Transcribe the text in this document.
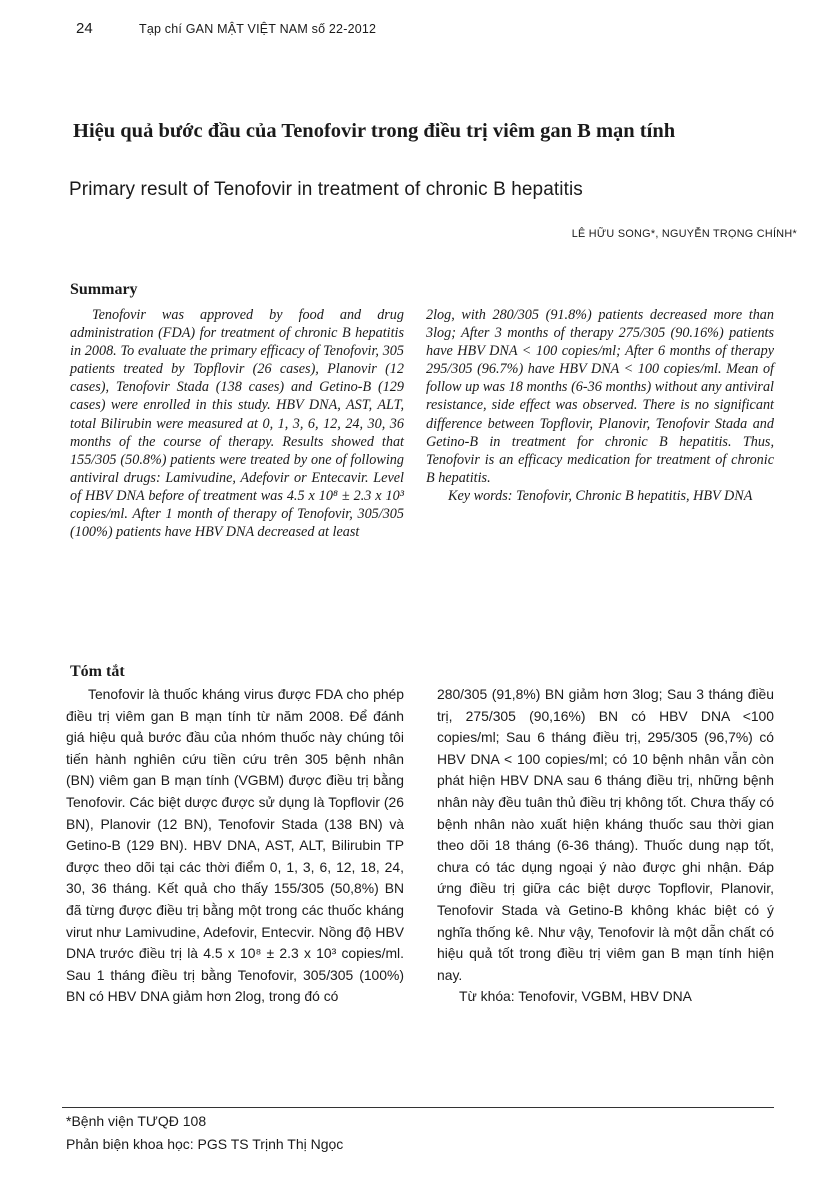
24	Tạp chí GAN MẬT VIỆT NAM số 22-2012
Hiệu quả bước đầu của Tenofovir trong điều trị viêm gan B mạn tính
Primary result of Tenofovir in treatment of chronic B hepatitis
LÊ HỮU SONG*, NGUYỄN TRỌNG CHÍNH*
Summary

Tenofovir was approved by food and drug administration (FDA) for treatment of chronic B hepatitis in 2008. To evaluate the primary efficacy of Tenofovir, 305 patients treated by Topflovir (26 cases), Planovir (12 cases), Tenofovir Stada (138 cases) and Getino-B (129 cases) were enrolled in this study. HBV DNA, AST, ALT, total Bilirubin were measured at 0, 1, 3, 6, 12, 24, 30, 36 months of the course of therapy. Results showed that 155/305 (50.8%) patients were treated by one of following antiviral drugs: Lamivudine, Adefovir or Entecavir. Level of HBV DNA before of treatment was 4.5 x 10⁸ ± 2.3 x 10³ copies/ml. After 1 month of therapy of Tenofovir, 305/305 (100%) patients have HBV DNA decreased at least

2log, with 280/305 (91.8%) patients decreased more than 3log; After 3 months of therapy 275/305 (90.16%) patients have HBV DNA < 100 copies/ml; After 6 months of therapy 295/305 (96.7%) have HBV DNA < 100 copies/ml. Mean of follow up was 18 months (6-36 months) without any antiviral resistance, side effect was observed. There is no significant difference between Topflovir, Planovir, Tenofovir Stada and Getino-B in treatment for chronic B hepatitis. Thus, Tenofovir is an efficacy medication for treatment of chronic B hepatitis.

Key words: Tenofovir, Chronic B hepatitis, HBV DNA

Tóm tắt

Tenofovir là thuốc kháng virus được FDA cho phép điều trị viêm gan B mạn tính từ năm 2008. Để đánh giá hiệu quả bước đầu của nhóm thuốc này chúng tôi tiến hành nghiên cứu tiền cứu trên 305 bệnh nhân (BN) viêm gan B mạn tính (VGBM) được điều trị bằng Tenofovir. Các biệt dược được sử dụng là Topflovir (26 BN), Planovir (12 BN), Tenofovir Stada (138 BN) và Getino-B (129 BN). HBV DNA, AST, ALT, Bilirubin TP được theo dõi tại các thời điểm 0, 1, 3, 6, 12, 18, 24, 30, 36 tháng. Kết quả cho thấy 155/305 (50,8%) BN đã từng được điều trị bằng một trong các thuốc kháng virut như Lamivudine, Adefovir, Entecvir. Nồng độ HBV DNA trước điều trị là 4.5 x 10⁸ ± 2.3 x 10³ copies/ml. Sau 1 tháng điều trị bằng Tenofovir, 305/305 (100%) BN có HBV DNA giảm hơn 2log, trong đó có

280/305 (91,8%) BN giảm hơn 3log; Sau 3 tháng điều trị, 275/305 (90,16%) BN có HBV DNA <100 copies/ml; Sau 6 tháng điều trị, 295/305 (96,7%) có HBV DNA < 100 copies/ml; có 10 bệnh nhân vẫn còn phát hiện HBV DNA sau 6 tháng điều trị, những bệnh nhân này đều tuân thủ điều trị không tốt. Chưa thấy có bệnh nhân nào xuất hiện kháng thuốc sau thời gian theo dõi 18 tháng (6-36 tháng). Thuốc dung nạp tốt, chưa có tác dụng ngoại ý nào được ghi nhận. Đáp ứng điều trị giữa các biệt dược Topflovir, Planovir, Tenofovir Stada và Getino-B không khác biệt có ý nghĩa thống kê. Như vậy, Tenofovir là một dẫn chất có hiệu quả tốt trong điều trị viêm gan B mạn tính hiện nay.

Từ khóa: Tenofovir, VGBM, HBV DNA

*Bệnh viện TƯQĐ 108
Phản biện khoa học: PGS TS Trịnh Thị Ngọc
